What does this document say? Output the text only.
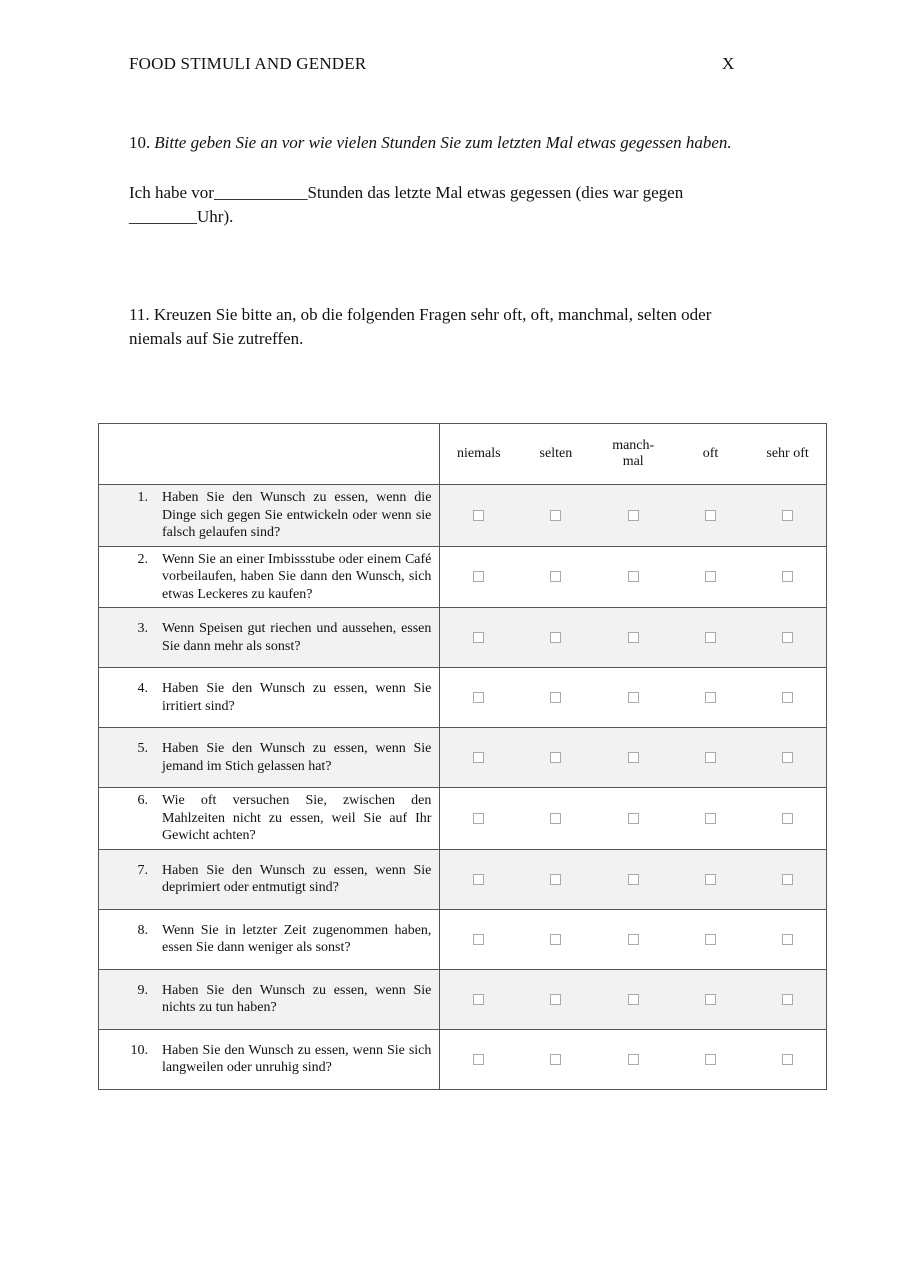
FOOD STIMULI AND GENDER	X
10. Bitte geben Sie an vor wie vielen Stunden Sie zum letzten Mal etwas gegessen haben.
Ich habe vor___________Stunden das letzte Mal etwas gegessen (dies war gegen
________Uhr).
11. Kreuzen Sie bitte an, ob die folgenden Fragen sehr oft, oft, manchmal, selten oder
niemals auf Sie zutreffen.
	niemals	selten	manch-
mal	oft	sehr oft

1. Haben Sie den Wunsch zu essen, wenn die Dinge sich gegen Sie entwickeln oder wenn sie falsch gelaufen sind?					

2. Wenn Sie an einer Imbissstube oder einem Café vorbeilaufen, haben Sie dann den Wunsch, sich etwas Leckeres zu kaufen?					

3. Wenn Speisen gut riechen und aussehen, essen Sie dann mehr als sonst?					

4. Haben Sie den Wunsch zu essen, wenn Sie irritiert sind?					

5. Haben Sie den Wunsch zu essen, wenn Sie jemand im Stich gelassen hat?					

6. Wie oft versuchen Sie, zwischen den Mahlzeiten nicht zu essen, weil Sie auf Ihr Gewicht achten?					

7. Haben Sie den Wunsch zu essen, wenn Sie deprimiert oder entmutigt sind?					

8. Wenn Sie in letzter Zeit zugenommen haben, essen Sie dann weniger als sonst?					

9. Haben Sie den Wunsch zu essen, wenn Sie nichts zu tun haben?					

10. Haben Sie den Wunsch zu essen, wenn Sie sich langweilen oder unruhig sind?					
